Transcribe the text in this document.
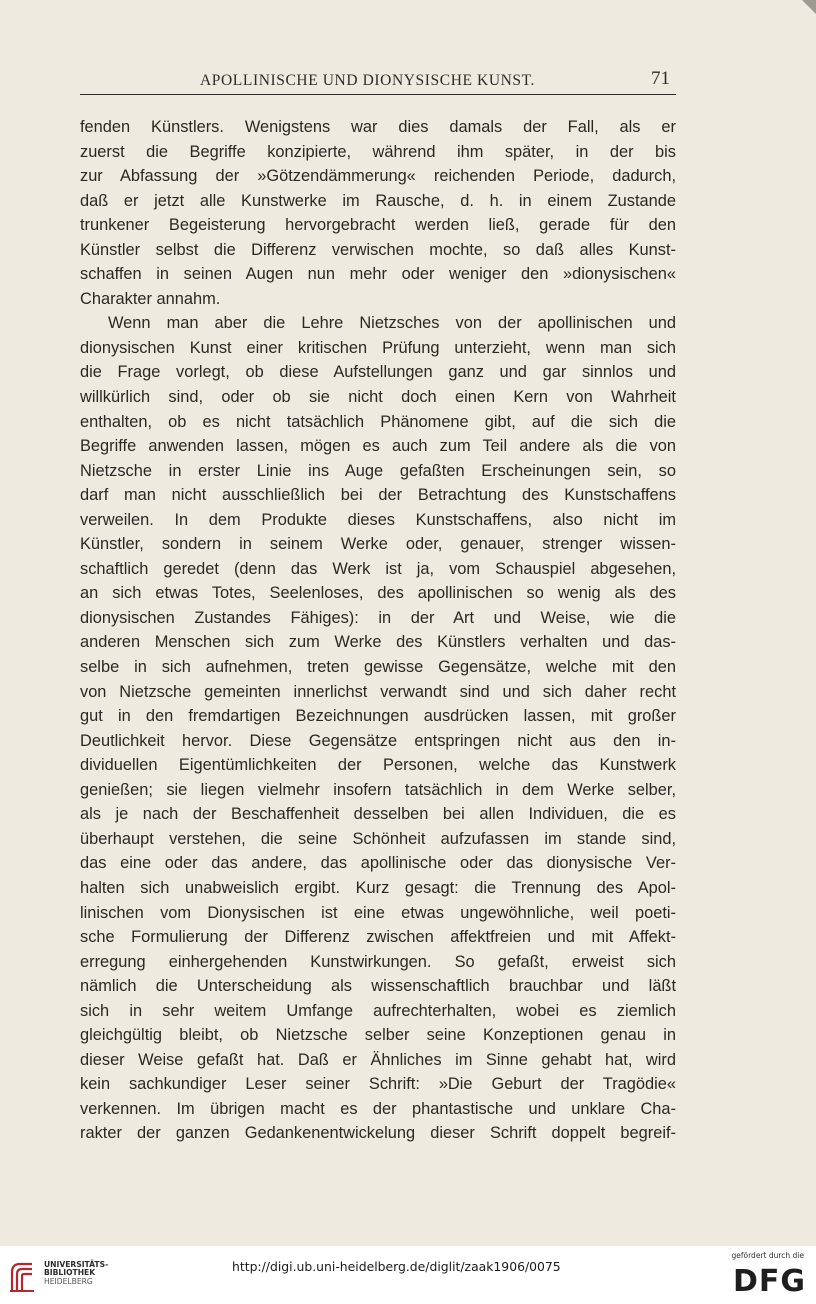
APOLLINISCHE UND DIONYSISCHE KUNST.	71
fenden Künstlers. Wenigstens war dies damals der Fall, als er
zuerst die Begriffe konzipierte, während ihm später, in der bis
zur Abfassung der »Götzendämmerung« reichenden Periode, dadurch,
daß er jetzt alle Kunstwerke im Rausche, d. h. in einem Zustande
trunkener Begeisterung hervorgebracht werden ließ, gerade für den
Künstler selbst die Differenz verwischen mochte, so daß alles Kunst-
schaffen in seinen Augen nun mehr oder weniger den »dionysischen«
Charakter annahm.
Wenn man aber die Lehre Nietzsches von der apollinischen und
dionysischen Kunst einer kritischen Prüfung unterzieht, wenn man sich
die Frage vorlegt, ob diese Aufstellungen ganz und gar sinnlos und
willkürlich sind, oder ob sie nicht doch einen Kern von Wahrheit
enthalten, ob es nicht tatsächlich Phänomene gibt, auf die sich die
Begriffe anwenden lassen, mögen es auch zum Teil andere als die von
Nietzsche in erster Linie ins Auge gefaßten Erscheinungen sein, so
darf man nicht ausschließlich bei der Betrachtung des Kunstschaffens
verweilen. In dem Produkte dieses Kunstschaffens, also nicht im
Künstler, sondern in seinem Werke oder, genauer, strenger wissen-
schaftlich geredet (denn das Werk ist ja, vom Schauspiel abgesehen,
an sich etwas Totes, Seelenloses, des apollinischen so wenig als des
dionysischen Zustandes Fähiges): in der Art und Weise, wie die
anderen Menschen sich zum Werke des Künstlers verhalten und das-
selbe in sich aufnehmen, treten gewisse Gegensätze, welche mit den
von Nietzsche gemeinten innerlichst verwandt sind und sich daher recht
gut in den fremdartigen Bezeichnungen ausdrücken lassen, mit großer
Deutlichkeit hervor. Diese Gegensätze entspringen nicht aus den in-
dividuellen Eigentümlichkeiten der Personen, welche das Kunstwerk
genießen; sie liegen vielmehr insofern tatsächlich in dem Werke selber,
als je nach der Beschaffenheit desselben bei allen Individuen, die es
überhaupt verstehen, die seine Schönheit aufzufassen im stande sind,
das eine oder das andere, das apollinische oder das dionysische Ver-
halten sich unabweislich ergibt. Kurz gesagt: die Trennung des Apol-
linischen vom Dionysischen ist eine etwas ungewöhnliche, weil poeti-
sche Formulierung der Differenz zwischen affektfreien und mit Affekt-
erregung einhergehenden Kunstwirkungen. So gefaßt, erweist sich
nämlich die Unterscheidung als wissenschaftlich brauchbar und läßt
sich in sehr weitem Umfange aufrechterhalten, wobei es ziemlich
gleichgültig bleibt, ob Nietzsche selber seine Konzeptionen genau in
dieser Weise gefaßt hat. Daß er Ähnliches im Sinne gehabt hat, wird
kein sachkundiger Leser seiner Schrift: »Die Geburt der Tragödie«
verkennen. Im übrigen macht es der phantastische und unklare Cha-
rakter der ganzen Gedankenentwickelung dieser Schrift doppelt begreif-
UNIVERSITÄTS-
BIBLIOTHEK
HEIDELBERG
http://digi.ub.uni-heidelberg.de/diglit/zaak1906/0075
gefördert durch die
DFG
